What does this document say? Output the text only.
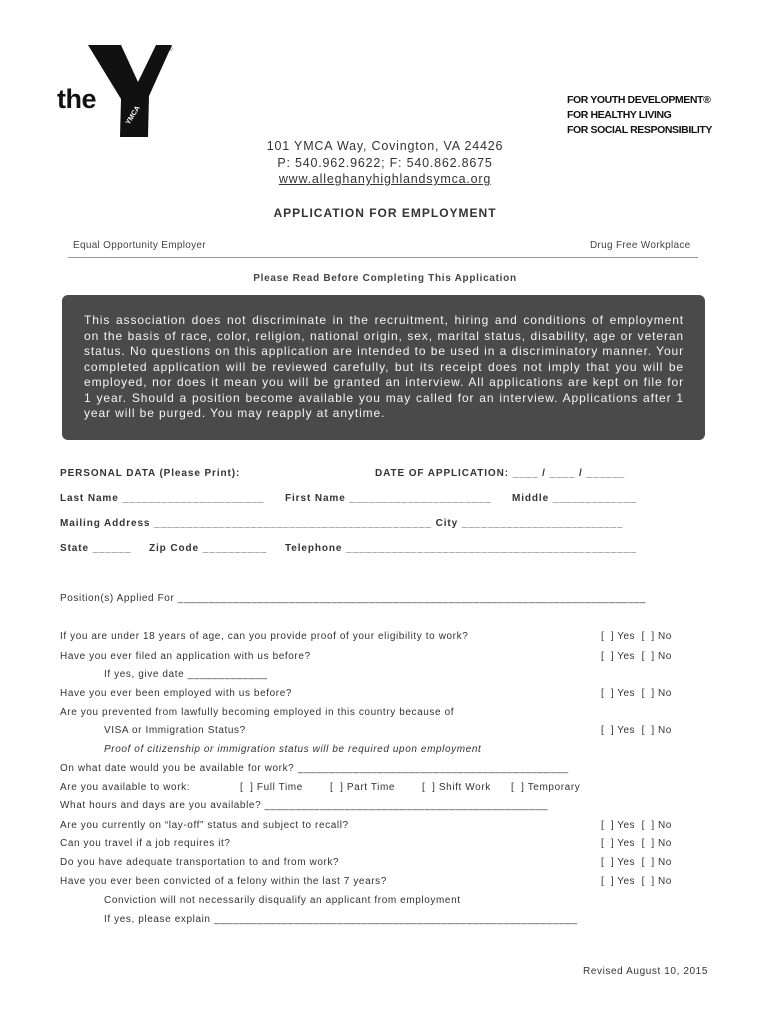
®
the
YMCA
FOR YOUTH DEVELOPMENT®
FOR HEALTHY LIVING
FOR SOCIAL RESPONSIBILITY
101 YMCA Way, Covington, VA 24426
P: 540.962.9622; F: 540.862.8675
www.alleghanyhighlandsymca.org
APPLICATION FOR EMPLOYMENT
Equal Opportunity Employer	Drug Free Workplace
Please Read Before Completing This Application
This association does not discriminate in the recruitment, hiring and conditions of employment on the basis of race, color, religion, national origin, sex, marital status, disability, age or veteran status. No questions on this application are intended to be used in a discriminatory manner. Your completed application will be reviewed carefully, but its receipt does not imply that you will be employed, nor does it mean you will be granted an interview. All applications are kept on file for 1 year. Should a position become available you may called for an interview. Applications after 1 year will be purged. You may reapply at anytime.
PERSONAL DATA (Please Print):	DATE OF APPLICATION: ____ / ____ / ______
Last Name ______________________ First Name ______________________ Middle _____________
Mailing Address ___________________________________________ City _________________________
State ______ Zip Code __________ Telephone _____________________________________________
Position(s) Applied For ____________________________________________________________________________
If you are under 18 years of age, can you provide proof of your eligibility to work?	[  ] Yes  [  ] No
Have you ever filed an application with us before?	[  ] Yes  [  ] No
If yes, give date _____________
Have you ever been employed with us before?	[  ] Yes  [  ] No
Are you prevented from lawfully becoming employed in this country because of
VISA or Immigration Status?	[  ] Yes  [  ] No
Proof of citizenship or immigration status will be required upon employment
On what date would you be available for work? ____________________________________________
Are you available to work:	[  ] Full Time	[  ] Part Time	[  ] Shift Work [  ] Temporary
What hours and days are you available? ______________________________________________
Are you currently on “lay-off” status and subject to recall?	[  ] Yes  [  ] No
Can you travel if a job requires it?	[  ] Yes  [  ] No
Do you have adequate transportation to and from work?	[  ] Yes  [  ] No
Have you ever been convicted of a felony within the last 7 years?	[  ] Yes  [  ] No
Conviction will not necessarily disqualify an applicant from employment
If yes, please explain ___________________________________________________________
Revised August 10, 2015
